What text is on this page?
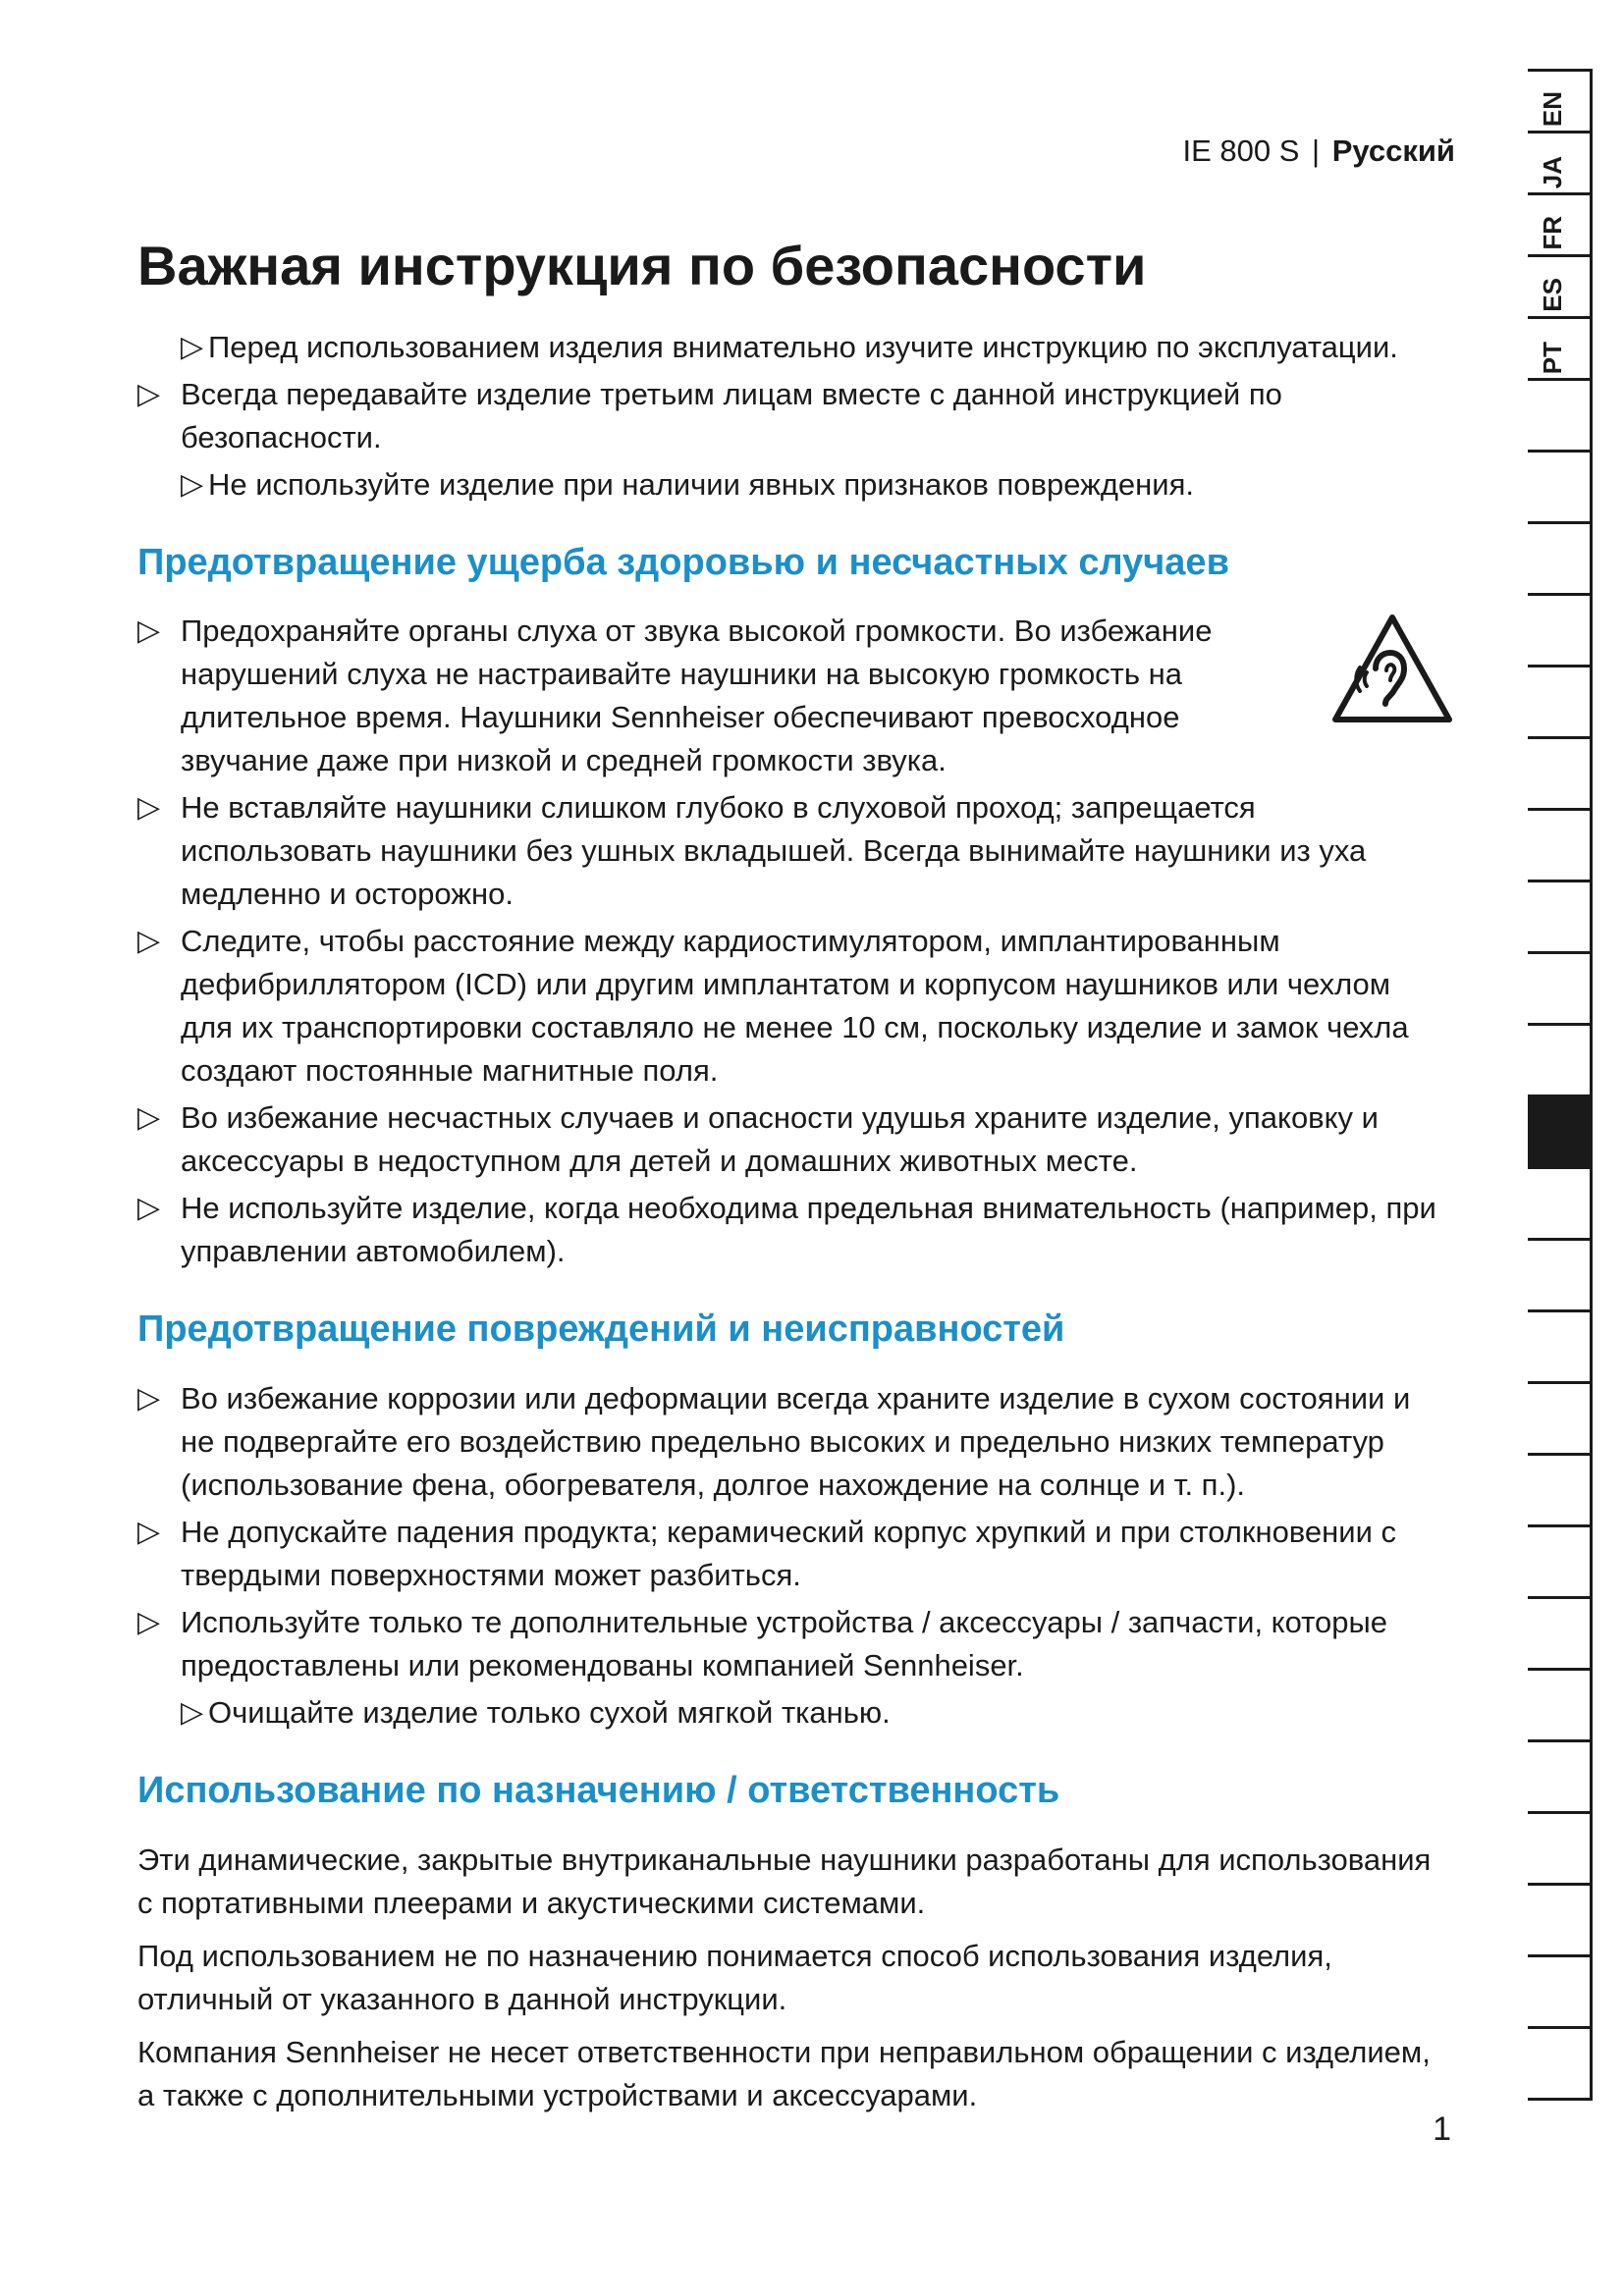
IE 800 S | Русский
Важная инструкция по безопасности
▷ Перед использованием изделия внимательно изучите инструкцию по эксплуатации.
▷ Всегда передавайте изделие третьим лицам вместе с данной инструкцией по безопасности.
▷ Не используйте изделие при наличии явных признаков повреждения.
Предотвращение ущерба здоровью и несчастных случаев
▷ Предохраняйте органы слуха от звука высокой громкости. Во избежание нарушений слуха не настраивайте наушники на высокую громкость на длительное время. Наушники Sennheiser обеспечивают превосходное звучание даже при низкой и средней громкости звука.
▷ Не вставляйте наушники слишком глубоко в слуховой проход; запрещается использовать наушники без ушных вкладышей. Всегда вынимайте наушники из уха медленно и осторожно.
▷ Следите, чтобы расстояние между кардиостимулятором, имплантированным дефибриллятором (ICD) или другим имплантатом и корпусом наушников или чехлом для их транспортировки составляло не менее 10 см, поскольку изделие и замок чехла создают постоянные магнитные поля.
▷ Во избежание несчастных случаев и опасности удушья храните изделие, упаковку и аксессуары в недоступном для детей и домашних животных месте.
▷ Не используйте изделие, когда необходима предельная внимательность (например, при управлении автомобилем).
Предотвращение повреждений и неисправностей
▷ Во избежание коррозии или деформации всегда храните изделие в сухом состоянии и не подвергайте его воздействию предельно высоких и предельно низких температур (использование фена, обогревателя, долгое нахождение на солнце и т. п.).
▷ Не допускайте падения продукта; керамический корпус хрупкий и при столкновении с твердыми поверхностями может разбиться.
▷ Используйте только те дополнительные устройства / аксессуары / запчасти, которые предоставлены или рекомендованы компанией Sennheiser.
▷ Очищайте изделие только сухой мягкой тканью.
Использование по назначению / ответственность

Эти динамические, закрытые внутриканальные наушники разработаны для использования с портативными плеерами и акустическими системами.

Под использованием не по назначению понимается способ использования изделия, отличный от указанного в данной инструкции.

Компания Sennheiser не несет ответственности при неправильном обращении с изделием, а также с дополнительными устройствами и аксессуарами.

EN
JA
FR
ES
PT
1
